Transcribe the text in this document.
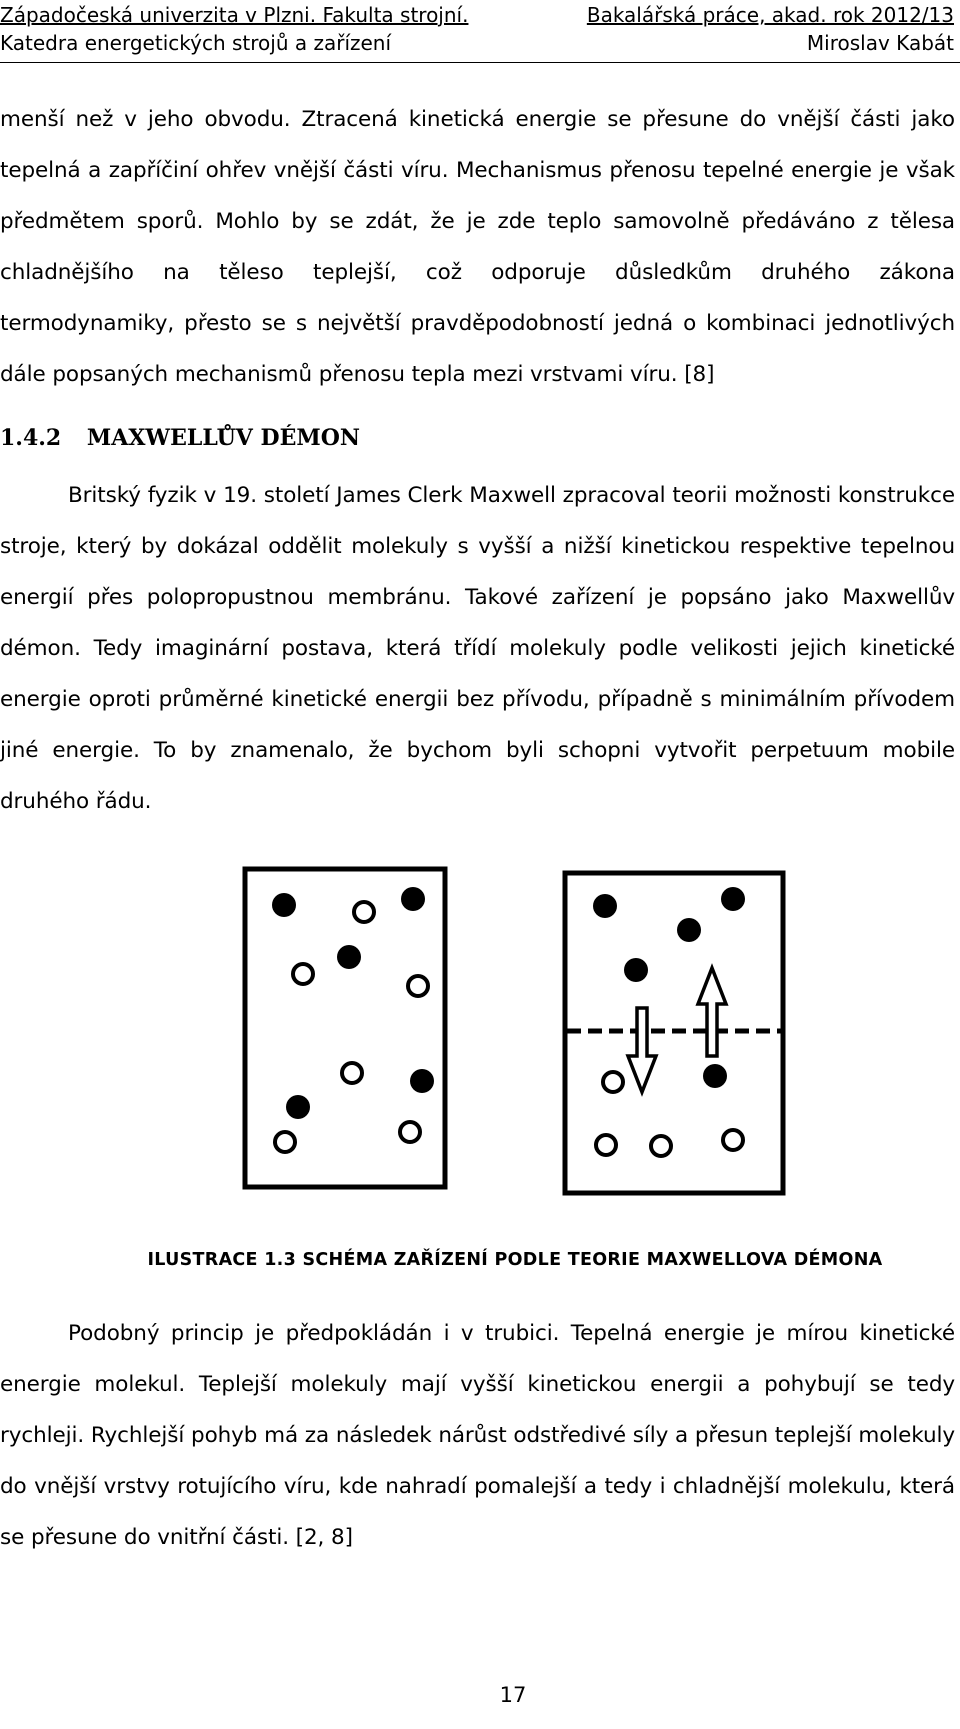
Západočeská univerzita v Plzni. Fakulta strojní.	Bakalářská práce, akad. rok 2012/13
Katedra energetických strojů a zařízení	Miroslav Kabát

menší než v jeho obvodu. Ztracená kinetická energie se přesune do vnější části jako tepelná a zapříčiní ohřev vnější části víru. Mechanismus přenosu tepelné energie je však předmětem sporů. Mohlo by se zdát, že je zde teplo samovolně předáváno z tělesa chladnějšího na těleso teplejší, což odporuje důsledkům druhého zákona termodynamiky, přesto se s největší pravděpodobností jedná o kombinaci jednotlivých dále popsaných mechanismů přenosu tepla mezi vrstvami víru. [8]

1.4.2 MAXWELLŮV DÉMON

Britský fyzik v 19. století James Clerk Maxwell zpracoval teorii možnosti konstrukce stroje, který by dokázal oddělit molekuly s vyšší a nižší kinetickou respektive tepelnou energií přes polopropustnou membránu. Takové zařízení je popsáno jako Maxwellův démon. Tedy imaginární postava, která třídí molekuly podle velikosti jejich kinetické energie oproti průměrné kinetické energii bez přívodu, případně s minimálním přívodem jiné energie. To by znamenalo, že bychom byli schopni vytvořit perpetuum mobile druhého řádu.

ILUSTRACE 1.3 SCHÉMA ZAŘÍZENÍ PODLE TEORIE MAXWELLOVA DÉMONA

Podobný princip je předpokládán i v trubici. Tepelná energie je mírou kinetické energie molekul. Teplejší molekuly mají vyšší kinetickou energii a pohybují se tedy rychleji. Rychlejší pohyb má za následek nárůst odstředivé síly a přesun teplejší molekuly do vnější vrstvy rotujícího víru, kde nahradí pomalejší a tedy i chladnější molekulu, která se přesune do vnitřní části. [2, 8]

17
